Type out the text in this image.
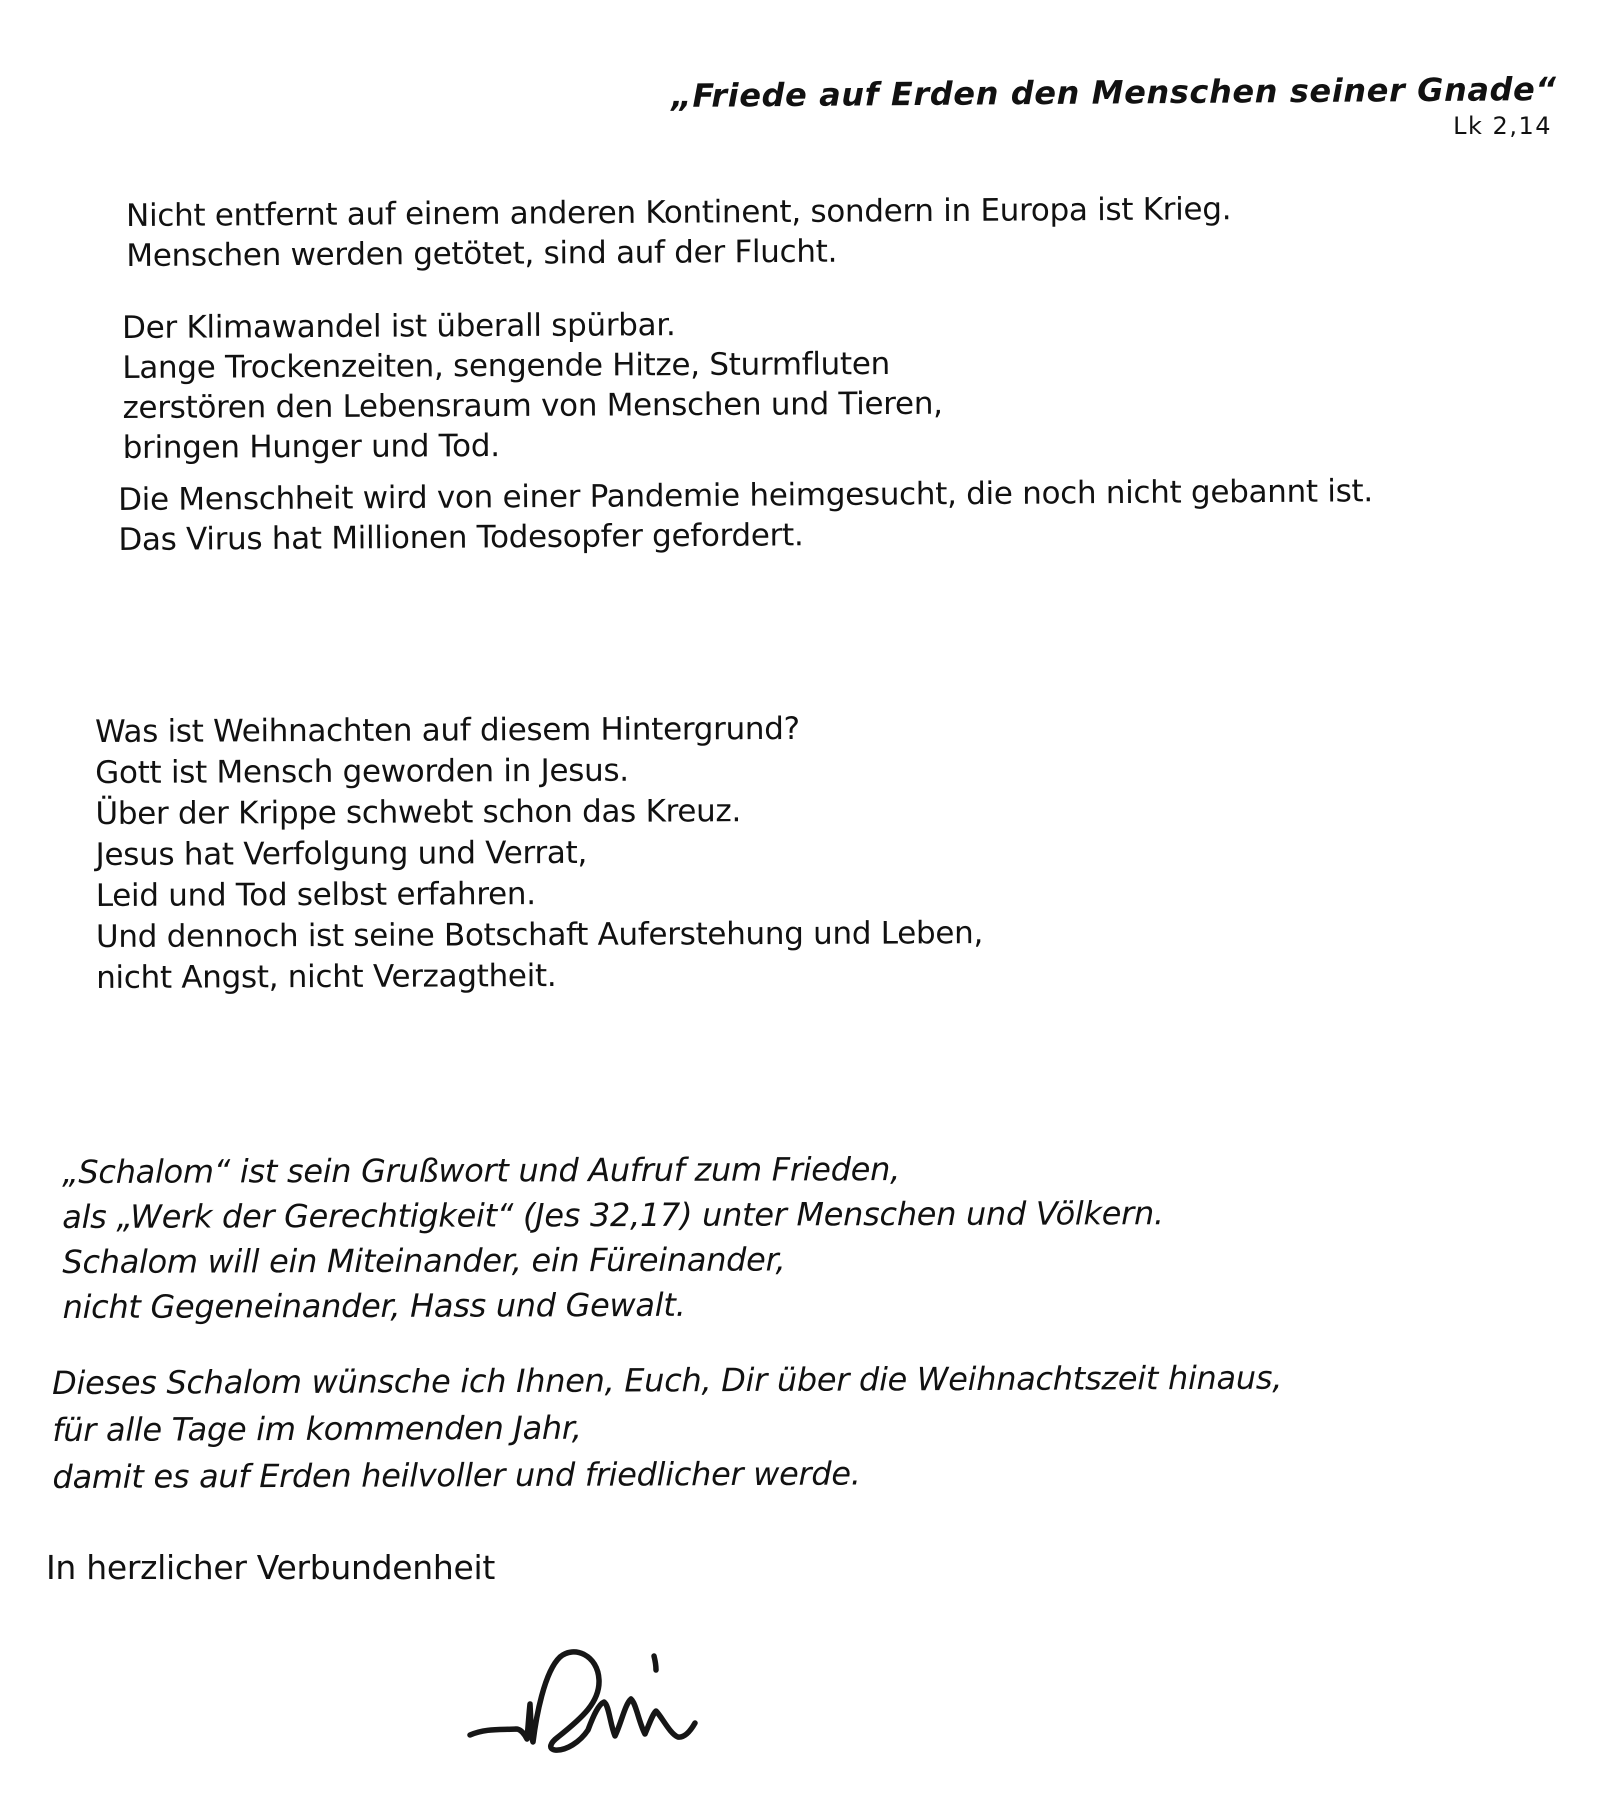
„Friede auf Erden den Menschen seiner Gnade“
Lk 2,14
Nicht entfernt auf einem anderen Kontinent, sondern in Europa ist Krieg.
Menschen werden getötet, sind auf der Flucht.
Der Klimawandel ist überall spürbar.
Lange Trockenzeiten, sengende Hitze, Sturmfluten
zerstören den Lebensraum von Menschen und Tieren,
bringen Hunger und Tod.
Die Menschheit wird von einer Pandemie heimgesucht, die noch nicht gebannt ist.
Das Virus hat Millionen Todesopfer gefordert.
Was ist Weihnachten auf diesem Hintergrund?
Gott ist Mensch geworden in Jesus.
Über der Krippe schwebt schon das Kreuz.
Jesus hat Verfolgung und Verrat,
Leid und Tod selbst erfahren.
Und dennoch ist seine Botschaft Auferstehung und Leben,
nicht Angst, nicht Verzagtheit.
„Schalom“ ist sein Grußwort und Aufruf zum Frieden,
als „Werk der Gerechtigkeit“ (Jes 32,17) unter Menschen und Völkern.
Schalom will ein Miteinander, ein Füreinander,
nicht Gegeneinander, Hass und Gewalt.
Dieses Schalom wünsche ich Ihnen, Euch, Dir über die Weihnachtszeit hinaus,
für alle Tage im kommenden Jahr,
damit es auf Erden heilvoller und friedlicher werde.
In herzlicher Verbundenheit
